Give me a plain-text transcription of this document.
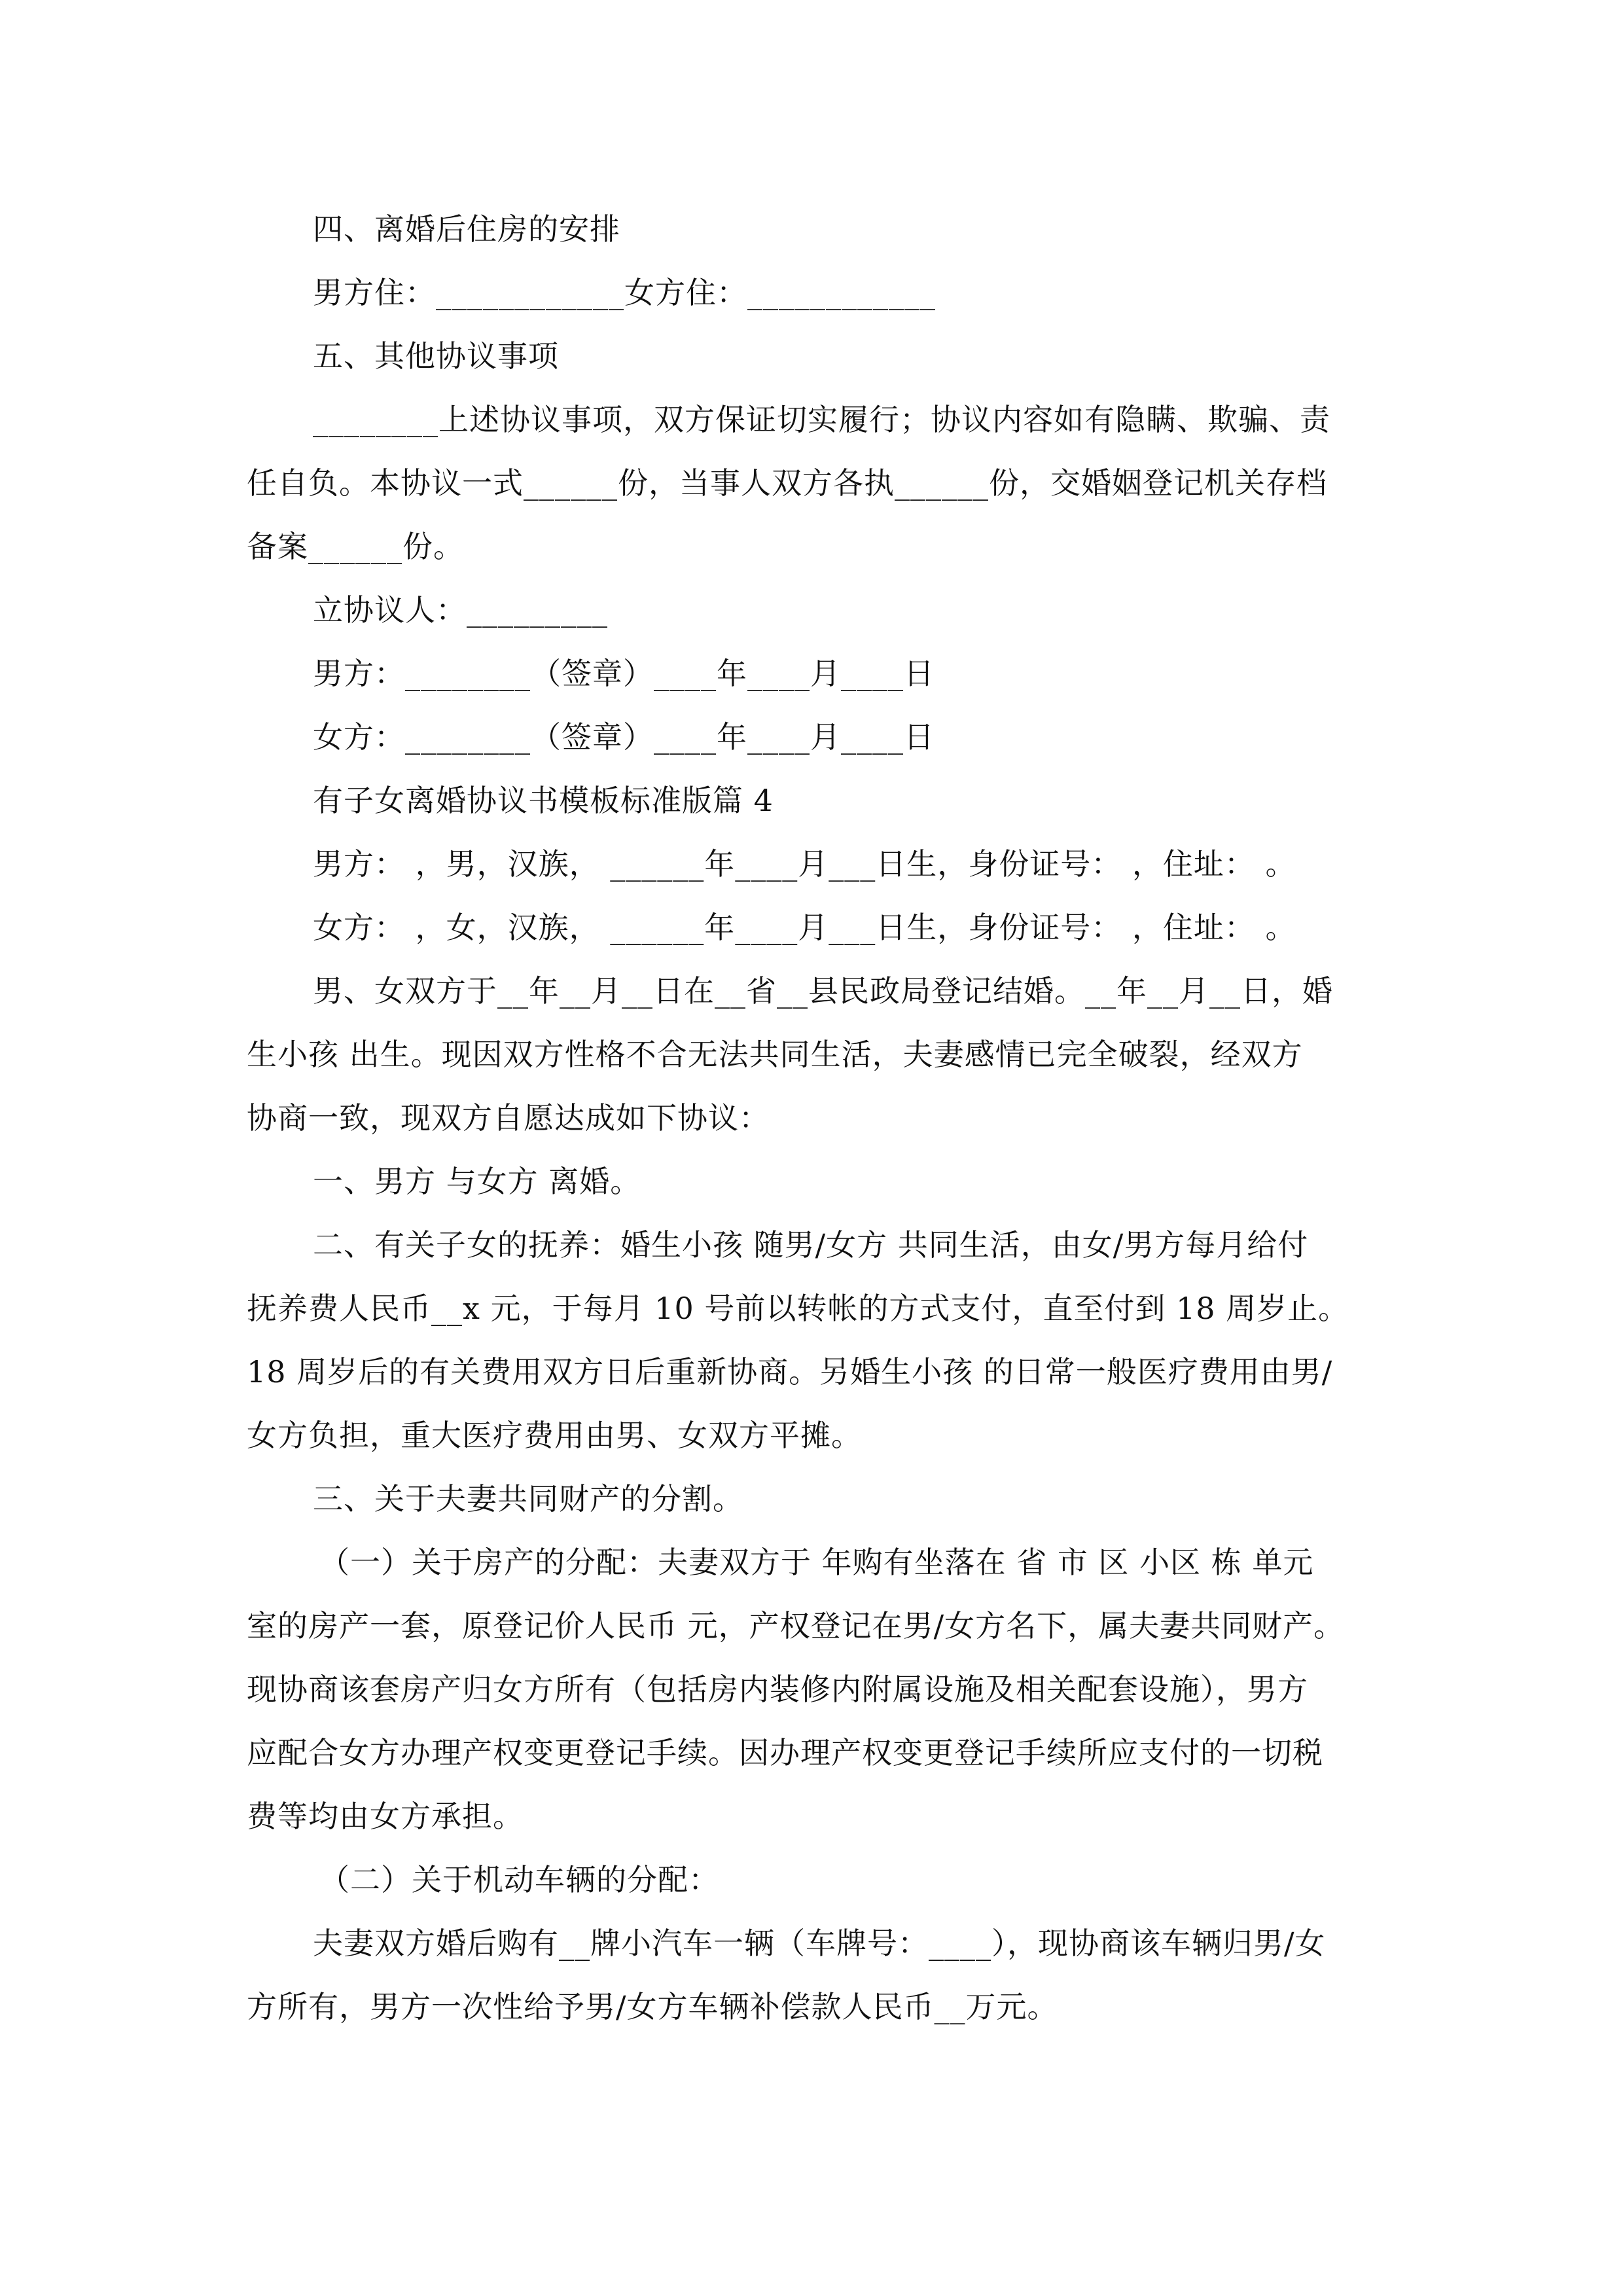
四、离婚后住房的安排
男方住：____________女方住：____________
五、其他协议事项
________上述协议事项，双方保证切实履行；协议内容如有隐瞒、欺骗、责
任自负。本协议一式______份，当事人双方各执______份，交婚姻登记机关存档
备案______份。
立协议人：_________
男方：________（签章）____年____月____日
女方：________（签章）____年____月____日
有子女离婚协议书模板标准版篇 4
男方： ，男，汉族， ______年____月___日生，身份证号： ，住址： 。
女方： ，女，汉族， ______年____月___日生，身份证号： ，住址： 。
男、女双方于__年__月__日在__省__县民政局登记结婚。__年__月__日，婚
生小孩 出生。现因双方性格不合无法共同生活，夫妻感情已完全破裂，经双方
协商一致，现双方自愿达成如下协议：
一、男方 与女方 离婚。
二、有关子女的抚养：婚生小孩 随男/女方 共同生活，由女/男方每月给付
抚养费人民币__x 元，于每月 10 号前以转帐的方式支付，直至付到 18 周岁止。
18 周岁后的有关费用双方日后重新协商。另婚生小孩 的日常一般医疗费用由男/
女方负担，重大医疗费用由男、女双方平摊。
三、关于夫妻共同财产的分割。
（一）关于房产的分配：夫妻双方于 年购有坐落在 省 市 区 小区 栋 单元
室的房产一套，原登记价人民币 元，产权登记在男/女方名下，属夫妻共同财产。
现协商该套房产归女方所有（包括房内装修内附属设施及相关配套设施），男方
应配合女方办理产权变更登记手续。因办理产权变更登记手续所应支付的一切税
费等均由女方承担。
（二）关于机动车辆的分配：
夫妻双方婚后购有__牌小汽车一辆（车牌号：____），现协商该车辆归男/女
方所有，男方一次性给予男/女方车辆补偿款人民币__万元。
